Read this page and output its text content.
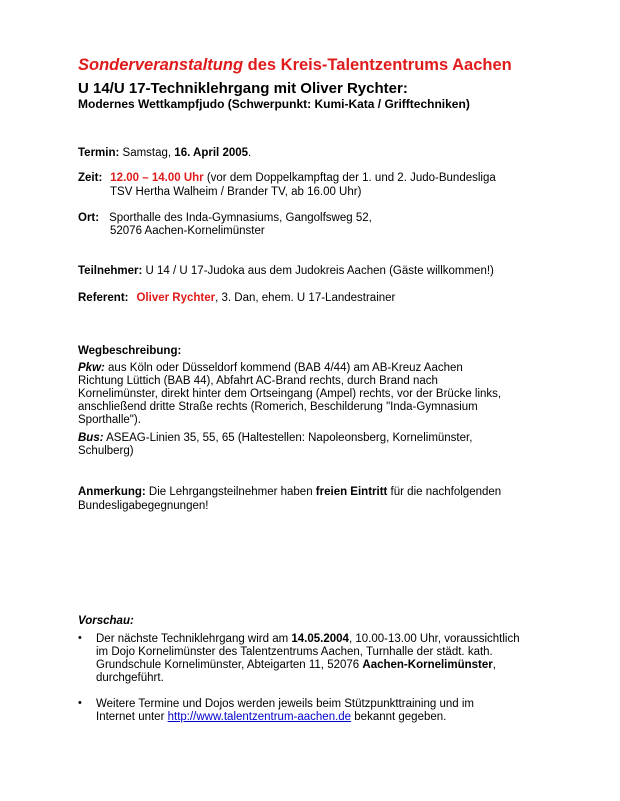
Sonderveranstaltung des Kreis-Talentzentrums Aachen
U 14/U 17-Techniklehrgang mit Oliver Rychter:
Modernes Wettkampfjudo (Schwerpunkt: Kumi-Kata / Grifftechniken)
Termin: Samstag, 16. April 2005.
Zeit: 12.00 – 14.00 Uhr (vor dem Doppelkampftag der 1. und 2. Judo-Bundesliga
TSV Hertha Walheim / Brander TV, ab 16.00 Uhr)
Ort: Sporthalle des Inda-Gymnasiums, Gangolfsweg 52,
52076 Aachen-Kornelimünster
Teilnehmer: U 14 / U 17-Judoka aus dem Judokreis Aachen (Gäste willkommen!)
Referent: Oliver Rychter, 3. Dan, ehem. U 17-Landestrainer
Wegbeschreibung:
Pkw: aus Köln oder Düsseldorf kommend (BAB 4/44) am AB-Kreuz Aachen
Richtung Lüttich (BAB 44), Abfahrt AC-Brand rechts, durch Brand nach
Kornelimünster, direkt hinter dem Ortseingang (Ampel) rechts, vor der Brücke links,
anschließend dritte Straße rechts (Romerich, Beschilderung "Inda-Gymnasium
Sporthalle").
Bus: ASEAG-Linien 35, 55, 65 (Haltestellen: Napoleonsberg, Kornelimünster,
Schulberg)
Anmerkung: Die Lehrgangsteilnehmer haben freien Eintritt für die nachfolgenden
Bundesligabegegnungen!
Vorschau:
• Der nächste Techniklehrgang wird am 14.05.2004, 10.00-13.00 Uhr, voraussichtlich
im Dojo Kornelimünster des Talentzentrums Aachen, Turnhalle der städt. kath.
Grundschule Kornelimünster, Abteigarten 11, 52076 Aachen-Kornelimünster,
durchgeführt.
• Weitere Termine und Dojos werden jeweils beim Stützpunkttraining und im
Internet unter http://www.talentzentrum-aachen.de bekannt gegeben.
